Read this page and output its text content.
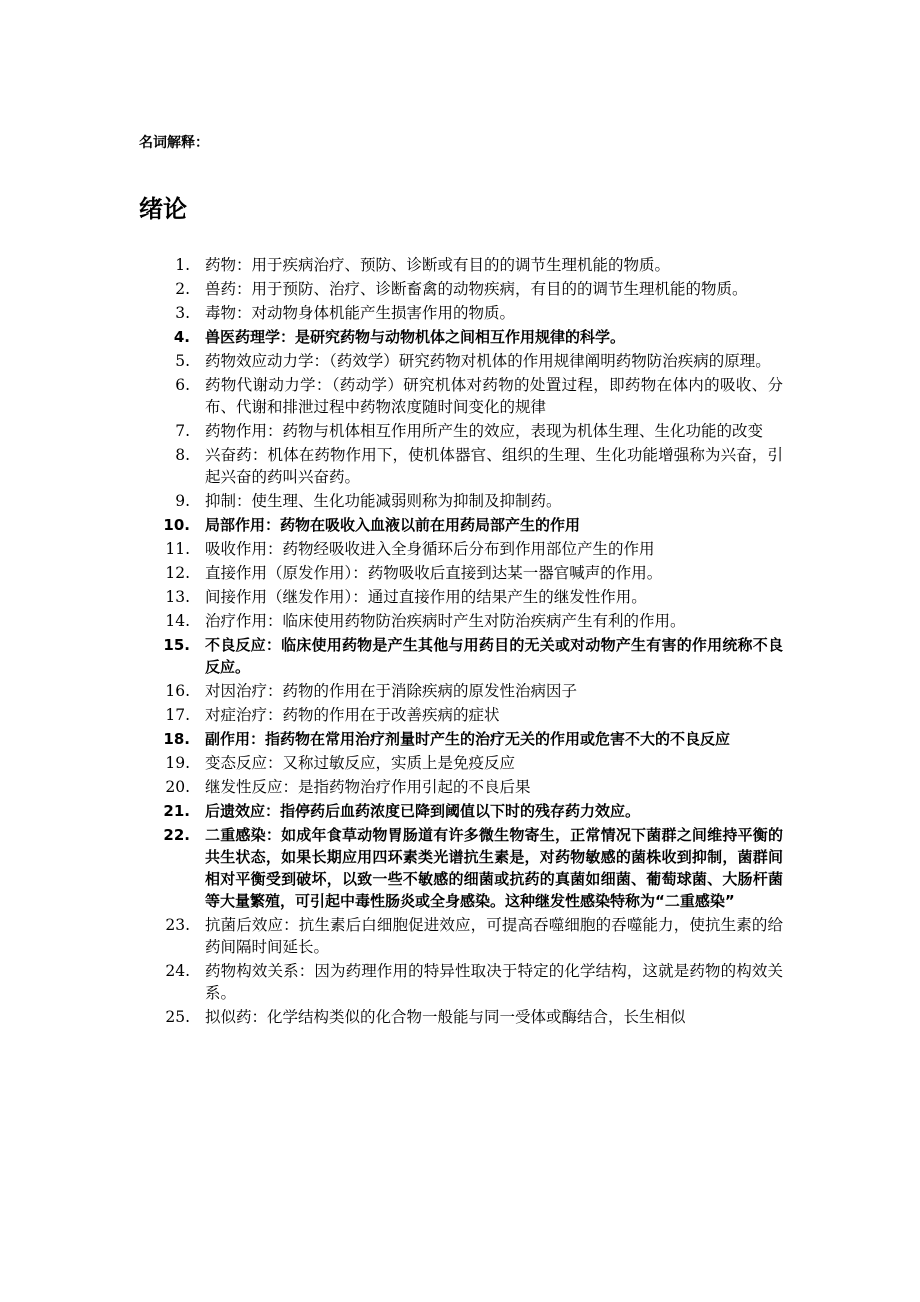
名词解释：
绪论
1. 药物：用于疾病治疗、预防、诊断或有目的的调节生理机能的物质。
2. 兽药：用于预防、治疗、诊断畜禽的动物疾病，有目的的调节生理机能的物质。
3. 毒物：对动物身体机能产生损害作用的物质。
4. 兽医药理学：是研究药物与动物机体之间相互作用规律的科学。
5. 药物效应动力学：（药效学）研究药物对机体的作用规律阐明药物防治疾病的原理。
6. 药物代谢动力学：（药动学）研究机体对药物的处置过程，即药物在体内的吸收、分布、代谢和排泄过程中药物浓度随时间变化的规律
7. 药物作用：药物与机体相互作用所产生的效应，表现为机体生理、生化功能的改变
8. 兴奋药：机体在药物作用下，使机体器官、组织的生理、生化功能增强称为兴奋，引起兴奋的药叫兴奋药。
9. 抑制：使生理、生化功能减弱则称为抑制及抑制药。
10. 局部作用：药物在吸收入血液以前在用药局部产生的作用
11. 吸收作用：药物经吸收进入全身循环后分布到作用部位产生的作用
12. 直接作用（原发作用）：药物吸收后直接到达某一器官喊声的作用。
13. 间接作用（继发作用）：通过直接作用的结果产生的继发性作用。
14. 治疗作用：临床使用药物防治疾病时产生对防治疾病产生有利的作用。
15. 不良反应：临床使用药物是产生其他与用药目的无关或对动物产生有害的作用统称不良反应。
16. 对因治疗：药物的作用在于消除疾病的原发性治病因子
17. 对症治疗：药物的作用在于改善疾病的症状
18. 副作用：指药物在常用治疗剂量时产生的治疗无关的作用或危害不大的不良反应
19. 变态反应：又称过敏反应，实质上是免疫反应
20. 继发性反应：是指药物治疗作用引起的不良后果
21. 后遗效应：指停药后血药浓度已降到阈值以下时的残存药力效应。
22. 二重感染：如成年食草动物胃肠道有许多微生物寄生，正常情况下菌群之间维持平衡的共生状态，如果长期应用四环素类光谱抗生素是，对药物敏感的菌株收到抑制，菌群间相对平衡受到破坏，以致一些不敏感的细菌或抗药的真菌如细菌、葡萄球菌、大肠杆菌等大量繁殖，可引起中毒性肠炎或全身感染。这种继发性感染特称为“二重感染”
23. 抗菌后效应：抗生素后白细胞促进效应，可提高吞噬细胞的吞噬能力，使抗生素的给药间隔时间延长。
24. 药物构效关系：因为药理作用的特异性取决于特定的化学结构，这就是药物的构效关系。
25. 拟似药：化学结构类似的化合物一般能与同一受体或酶结合，长生相似
